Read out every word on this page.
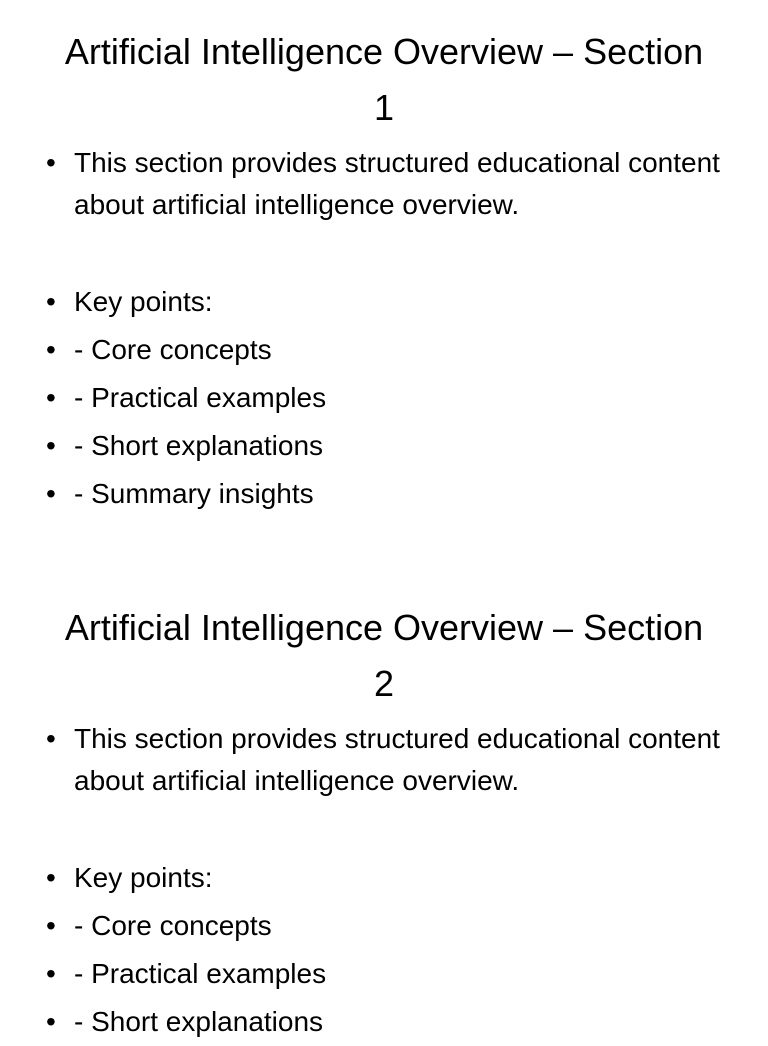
Artificial Intelligence Overview – Section 1
• This section provides structured educational content about artificial intelligence overview.
• Key points:
• - Core concepts
• - Practical examples
• - Short explanations
• - Summary insights
Artificial Intelligence Overview – Section 2
• This section provides structured educational content about artificial intelligence overview.
• Key points:
• - Core concepts
• - Practical examples
• - Short explanations
